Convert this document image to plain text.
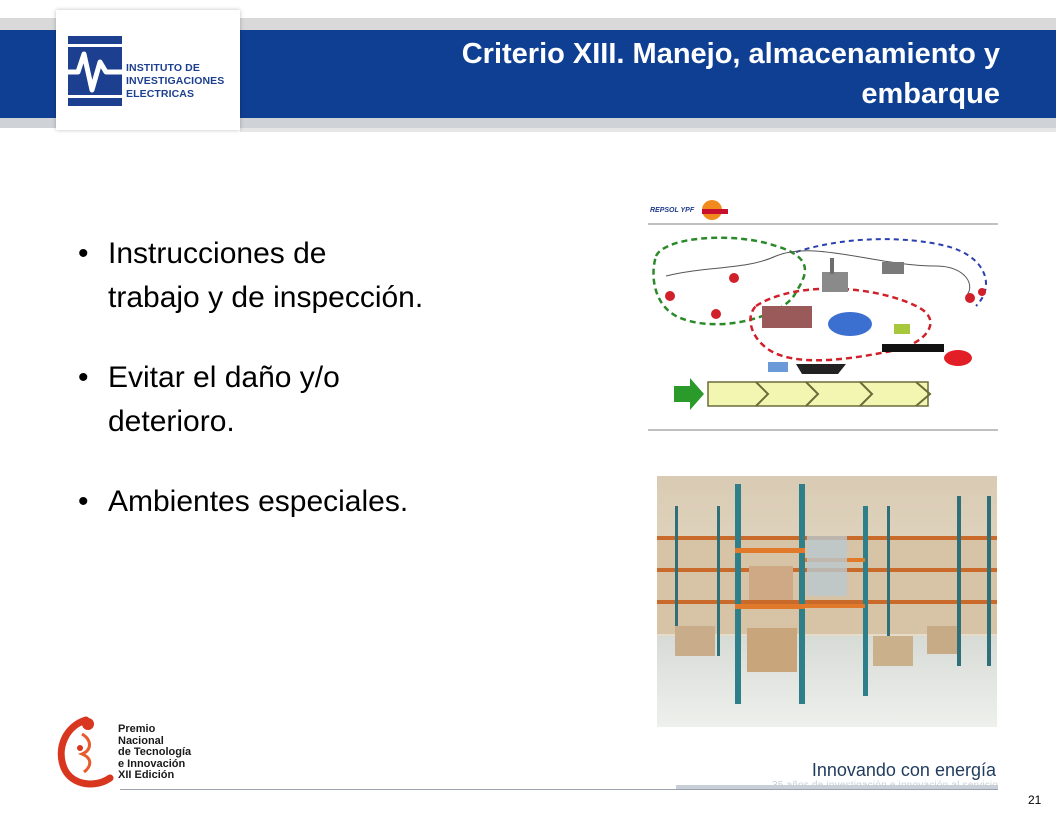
INSTITUTO DE
INVESTIGACIONES
ELECTRICAS
Criterio XIII. Manejo, almacenamiento y
embarque
• Instrucciones de
trabajo y de inspección.
• Evitar el daño y/o
deterioro.
• Ambientes especiales.
REPSOL YPF
Premio
Nacional
de Tecnología
e Innovación
XII Edición	Innovando con energía
21
